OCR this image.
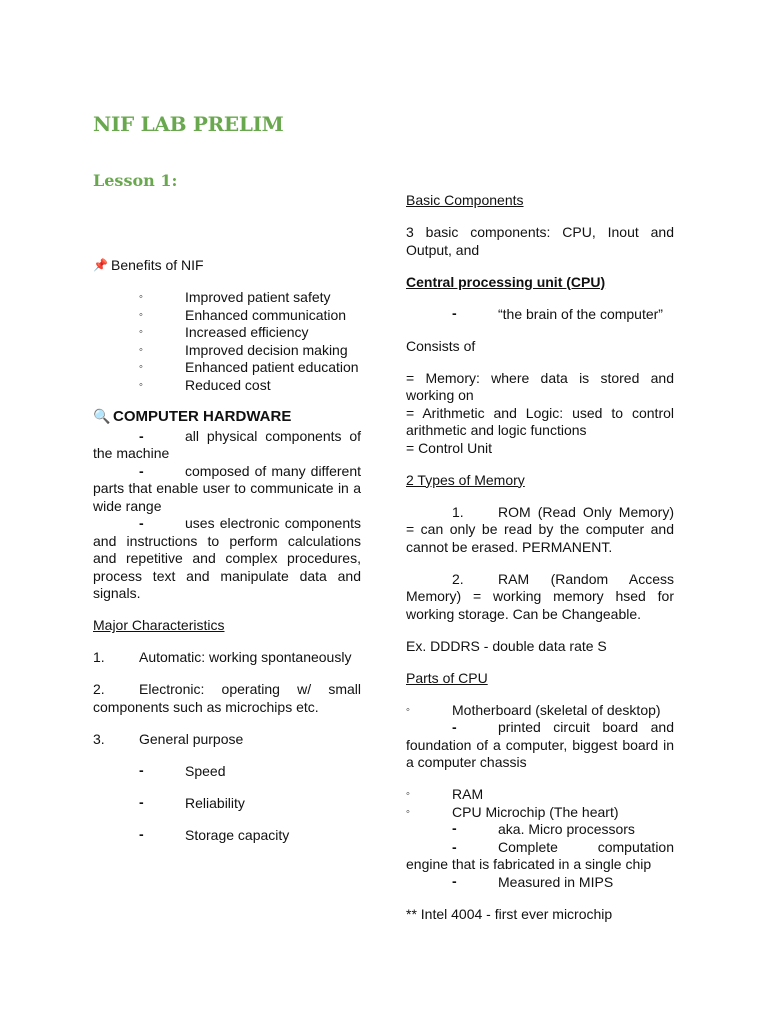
NIF LAB PRELIM
Lesson 1:
📌 Benefits of NIF
◦	Improved patient safety
◦	Enhanced communication
◦	Increased efficiency
◦	Improved decision making
◦	Enhanced patient education
◦	Reduced cost
🔍 COMPUTER HARDWARE
-	all physical components of the machine
-	composed of many different parts that enable user to communicate in a wide range
-	uses electronic components and instructions to perform calculations and repetitive and complex procedures, process text and manipulate data and signals.
Major Characteristics
1. Automatic: working spontaneously
2. Electronic: operating w/ small components such as microchips etc.
3. General purpose
-	Speed
-	Reliability
-	Storage capacity
Basic Components
3 basic components: CPU, Inout and Output, and
Central processing unit (CPU)
-	“the brain of the computer”
Consists of
= Memory: where data is stored and working on
= Arithmetic and Logic: used to control arithmetic and logic functions
= Control Unit
2 Types of Memory
1. ROM (Read Only Memory) = can only be read by the computer and cannot be erased. PERMANENT.
2. RAM (Random Access Memory) = working memory hsed for working storage. Can be Changeable.
Ex. DDDRS - double data rate S
Parts of CPU
◦	Motherboard (skeletal of desktop)
-	printed circuit board and foundation of a computer, biggest board in a computer chassis
◦	RAM
◦	CPU Microchip (The heart)
-	aka. Micro processors
-	Complete computation engine that is fabricated in a single chip
-	Measured in MIPS
** Intel 4004 - first ever microchip
